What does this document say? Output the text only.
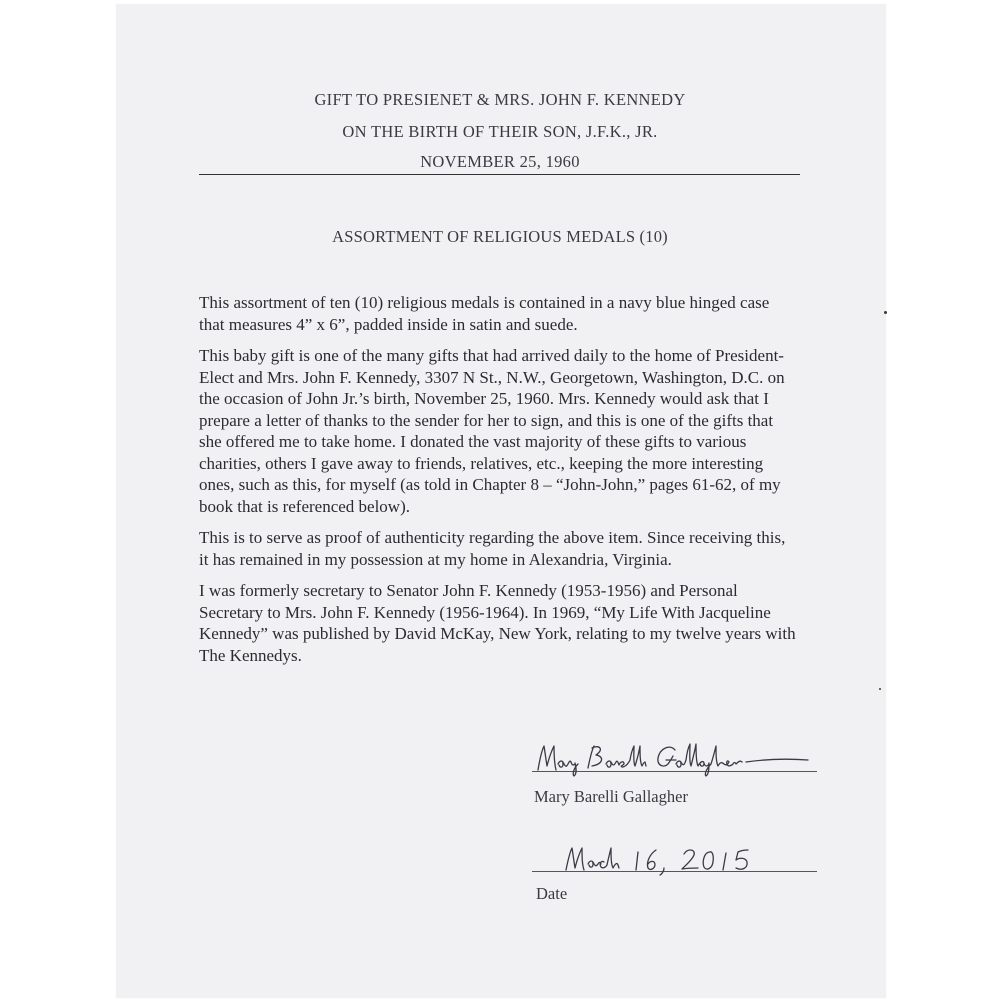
GIFT TO PRESIENET & MRS. JOHN F. KENNEDY
ON THE BIRTH OF THEIR SON, J.F.K., JR.
NOVEMBER 25, 1960
ASSORTMENT OF RELIGIOUS MEDALS (10)

This assortment of ten (10) religious medals is contained in a navy blue hinged case that measures 4” x 6”, padded inside in satin and suede.

This baby gift is one of the many gifts that had arrived daily to the home of President-Elect and Mrs. John F. Kennedy, 3307 N St., N.W., Georgetown, Washington, D.C. on the occasion of John Jr.’s birth, November 25, 1960. Mrs. Kennedy would ask that I prepare a letter of thanks to the sender for her to sign, and this is one of the gifts that she offered me to take home. I donated the vast majority of these gifts to various charities, others I gave away to friends, relatives, etc., keeping the more interesting ones, such as this, for myself (as told in Chapter 8 – “John-John,” pages 61-62, of my book that is referenced below).

This is to serve as proof of authenticity regarding the above item. Since receiving this, it has remained in my possession at my home in Alexandria, Virginia.

I was formerly secretary to Senator John F. Kennedy (1953-1956) and Personal Secretary to Mrs. John F. Kennedy (1956-1964). In 1969, “My Life With Jacqueline Kennedy” was published by David McKay, New York, relating to my twelve years with The Kennedys.

Mary Barelli Gallagher
Date
